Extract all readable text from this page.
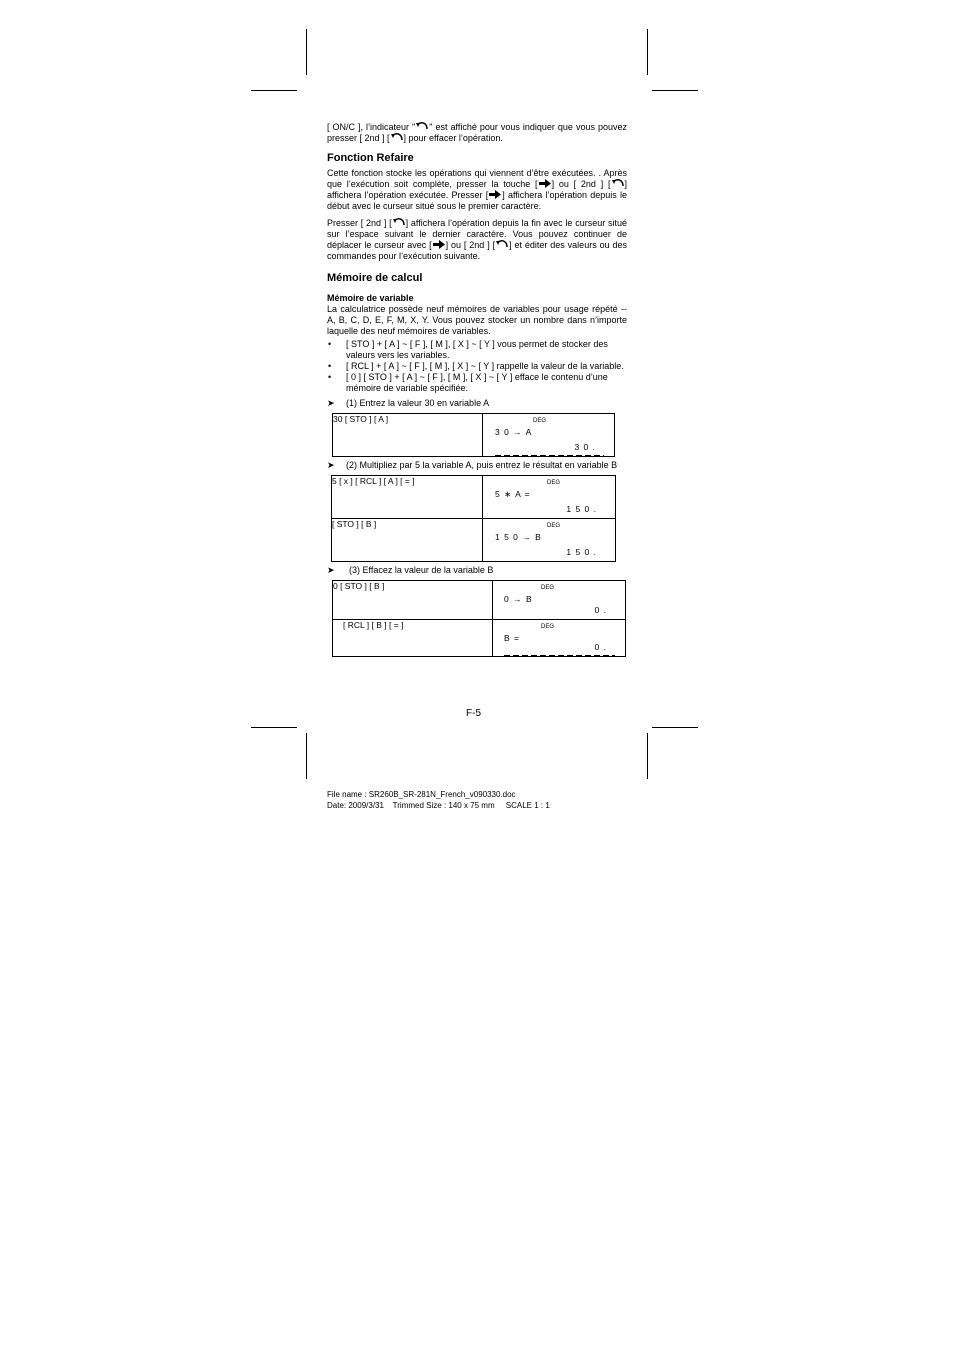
[ ON/C ], l’indicateur " " est affiché pour vous indiquer que vous pouvez presser [ 2nd ] [ ] pour effacer l’opération.

Fonction Refaire

Cette fonction stocke les opérations qui viennent d’être exécutées. . Après que l’exécution soit complète, presser la touche [ ] ou [ 2nd ] [ ] affichera l’opération exécutée. Presser [ ] affichera l’opération depuis le début avec le curseur situé sous le premier caractère.

Presser [ 2nd ] [ ] affichera l’opération depuis la fin avec le curseur situé sur l’espace suivant le dernier caractère. Vous pouvez continuer de déplacer le curseur avec [ ] ou [ 2nd ] [ ] et éditer des valeurs ou des commandes pour l’exécution suivante.

Mémoire de calcul
Mémoire de variable

La calculatrice possède neuf mémoires de variables pour usage répété -- A, B, C, D, E, F, M, X, Y. Vous pouvez stocker un nombre dans n’importe laquelle des neuf mémoires de variables.

• [ STO ] + [ A ] ~ [ F ], [ M ], [ X ] ~ [ Y ] vous permet de stocker des valeurs vers les variables.
• [ RCL ] + [ A ] ~ [ F ], [ M ], [ X ] ~ [ Y ] rappelle la valeur de la variable.
• [ 0 ] [ STO ] + [ A ] ~ [ F ], [ M ], [ X ] ~ [ Y ] efface le contenu d’une mémoire de variable spécifiée.
➤ (1) Entrez la valeur 30 en variable A
30 [ STO ] [ A ]	DEG
3 0 → A
3 0 .
➤ (2) Multipliez par 5 la variable A, puis entrez le résultat en variable B
5 [ x ] [ RCL ] [ A ] [ = ]	DEG
5 ∗ A =
1 5 0 .

[ STO ] [ B ]	DEG
1 5 0 → B
1 5 0 .
➤ (3) Effacez la valeur de la variable B
0 [ STO ] [ B ]	DEG
0 → B
0 .

[ RCL ] [ B ] [ = ]	DEG
B =
0 .
F-5
File name : SR260B_SR-281N_French_v090330.doc
Date: 2009/3/31    Trimmed Size : 140 x 75 mm     SCALE 1 : 1
